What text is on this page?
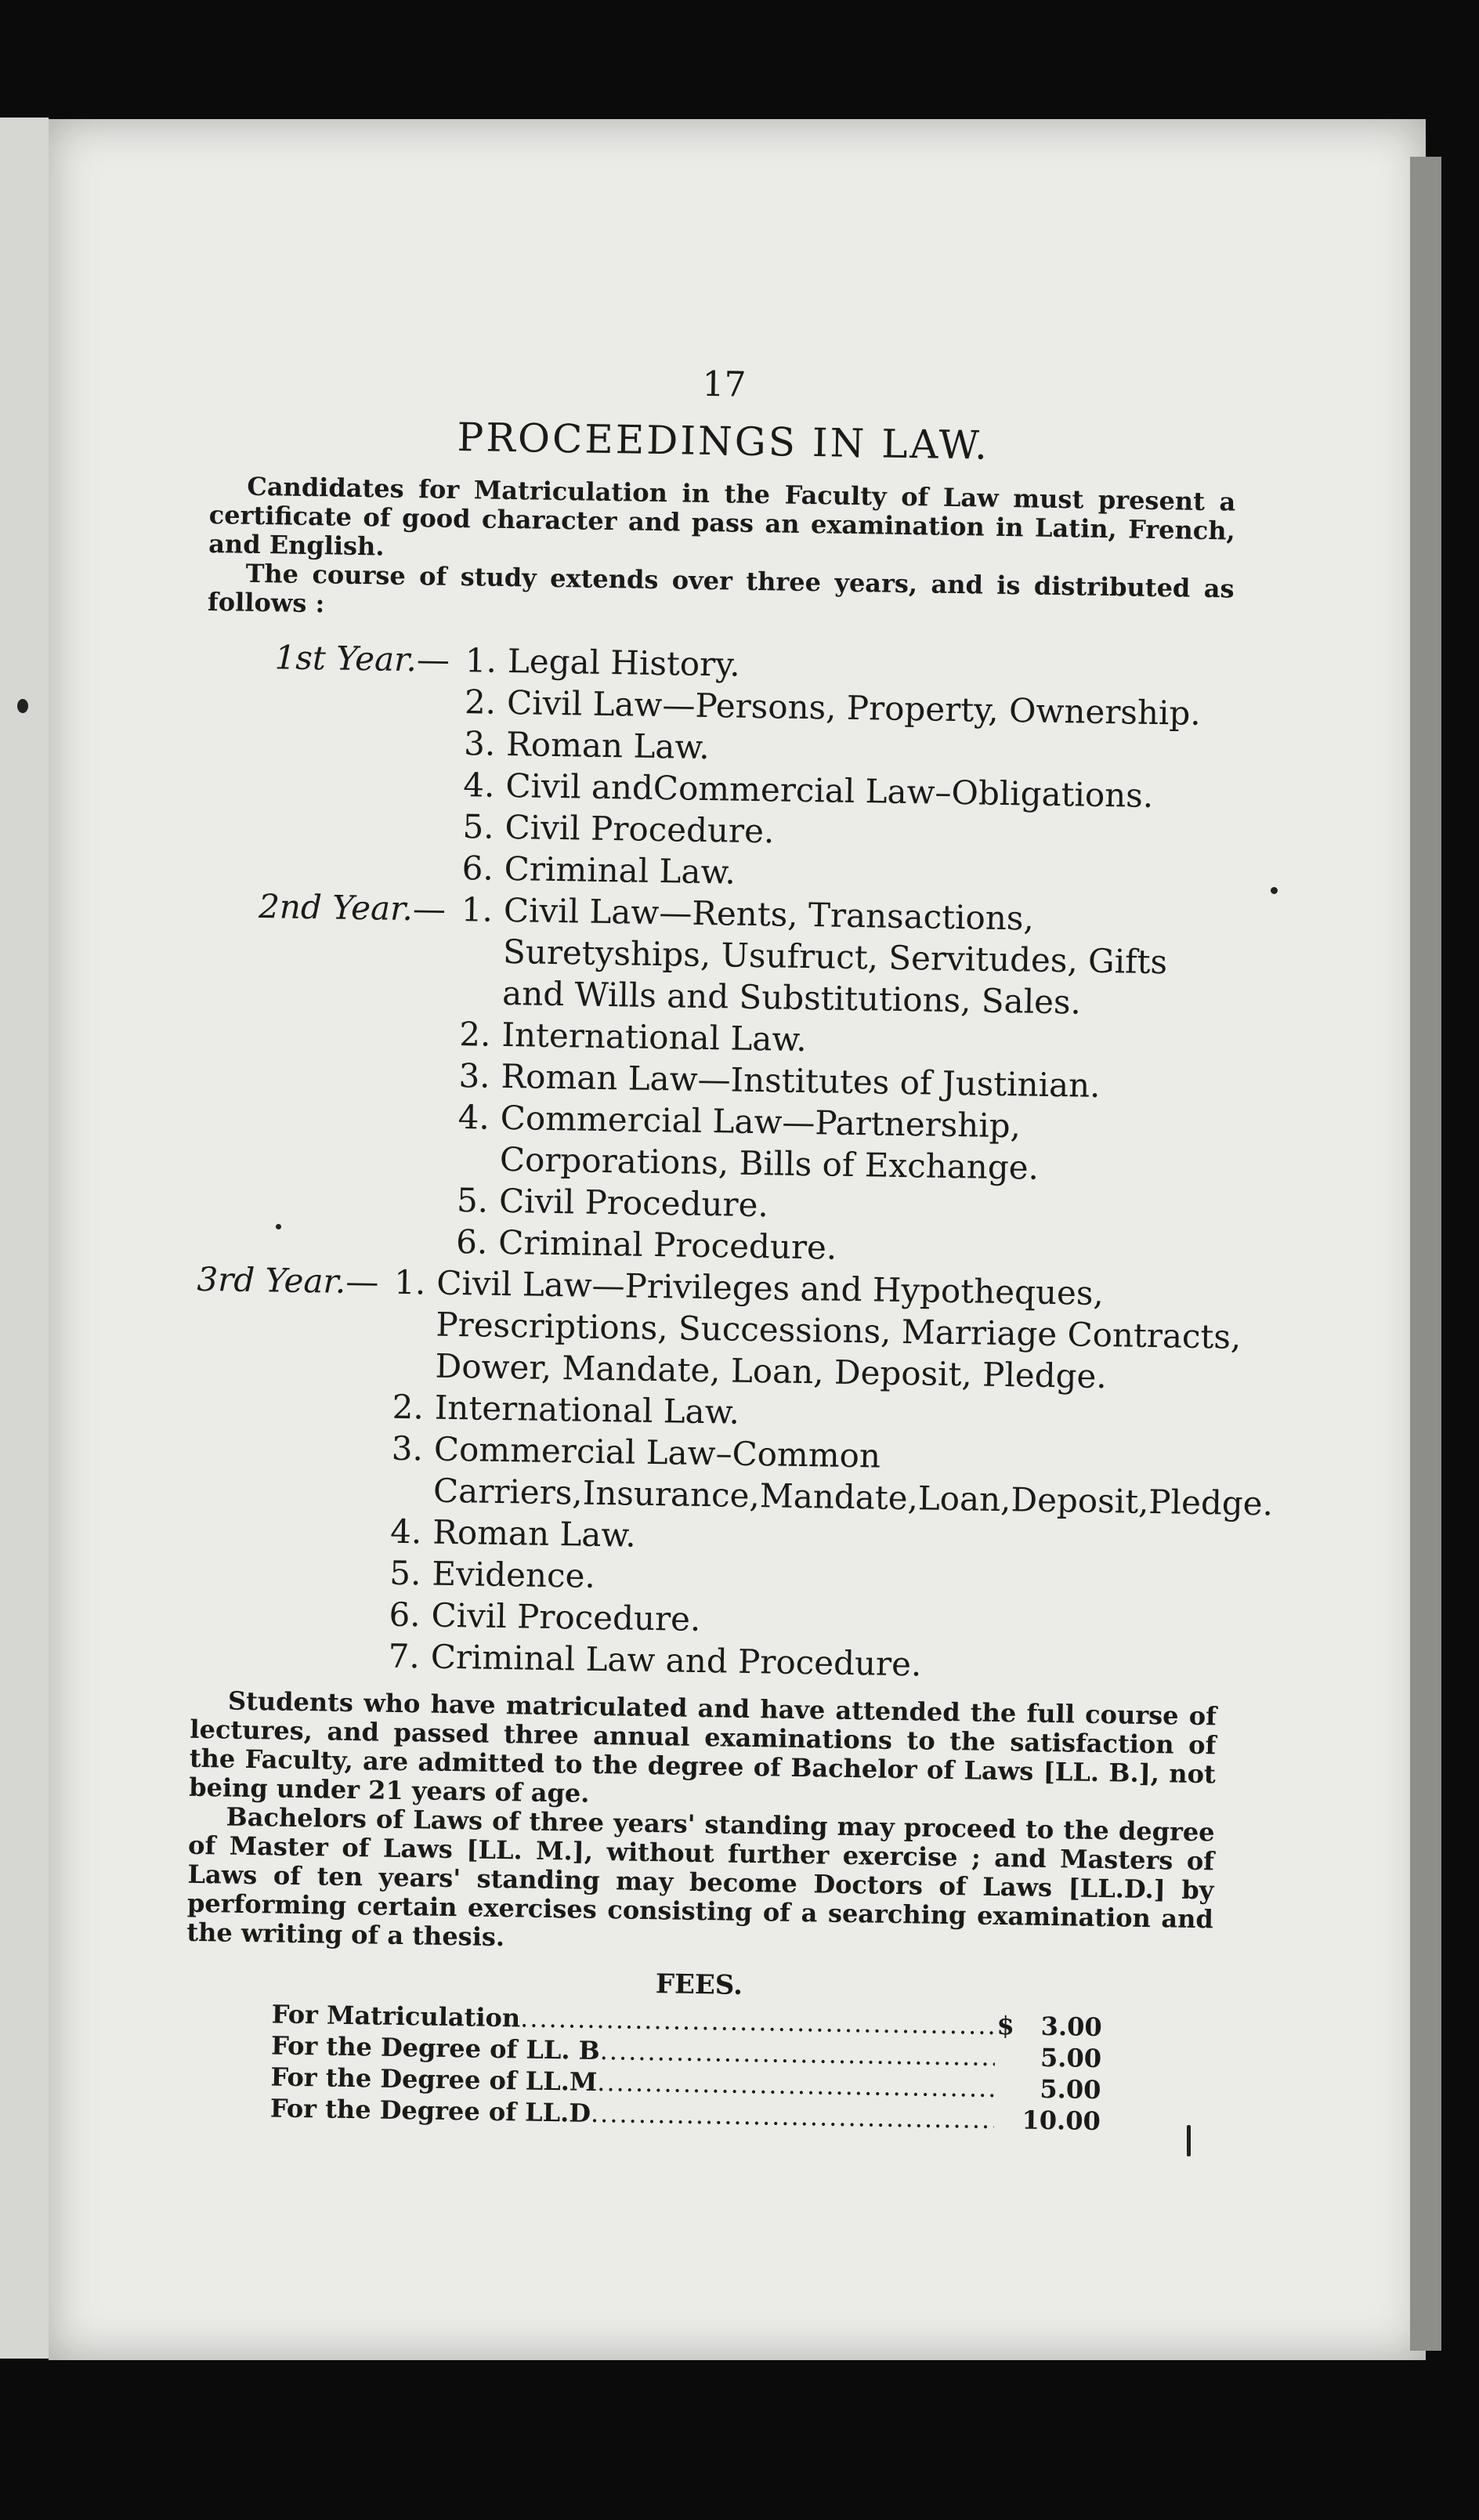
17
PROCEEDINGS IN LAW.

Candidates for Matriculation in the Faculty of Law must present a certificate of good character and pass an examination in Latin, French, and English.

The course of study extends over three years, and is distributed as follows :

1st Year.— 1. Legal History.
2. Civil Law—Persons, Property, Ownership.
3. Roman Law.
4. Civil andCommercial Law–Obligations.
5. Civil Procedure.
6. Criminal Law.
2nd Year.— 1. Civil Law—Rents, Transactions, Suretyships, Usufruct, Servitudes, Gifts and Wills and Substitutions, Sales.
2. International Law.
3. Roman Law—Institutes of Justinian.
4. Commercial Law—Partnership, Corporations, Bills of Exchange.
5. Civil Procedure.
6. Criminal Procedure.
3rd Year.— 1. Civil Law—Privileges and Hypotheques, Prescriptions, Successions, Marriage Contracts, Dower, Mandate, Loan, Deposit, Pledge.
2. International Law.
3. Commercial Law–Common Carriers,Insurance,Mandate,Loan,Deposit,Pledge.
4. Roman Law.
5. Evidence.
6. Civil Procedure.
7. Criminal Law and Procedure.

Students who have matriculated and have attended the full course of lectures, and passed three annual examinations to the satisfaction of the Faculty, are admitted to the degree of Bachelor of Laws [LL. B.], not being under 21 years of age.

Bachelors of Laws of three years' standing may proceed to the degree of Master of Laws [LL. M.], without further exercise ; and Masters of Laws of ten years' standing may become Doctors of Laws [LL.D.] by performing certain exercises consisting of a searching examination and the writing of a thesis.

FEES.
For Matriculation .....	$	3.00
For the Degree of LL. B .....	5.00
For the Degree of LL.M .....	5.00
For the Degree of LL.D .....	10.00
